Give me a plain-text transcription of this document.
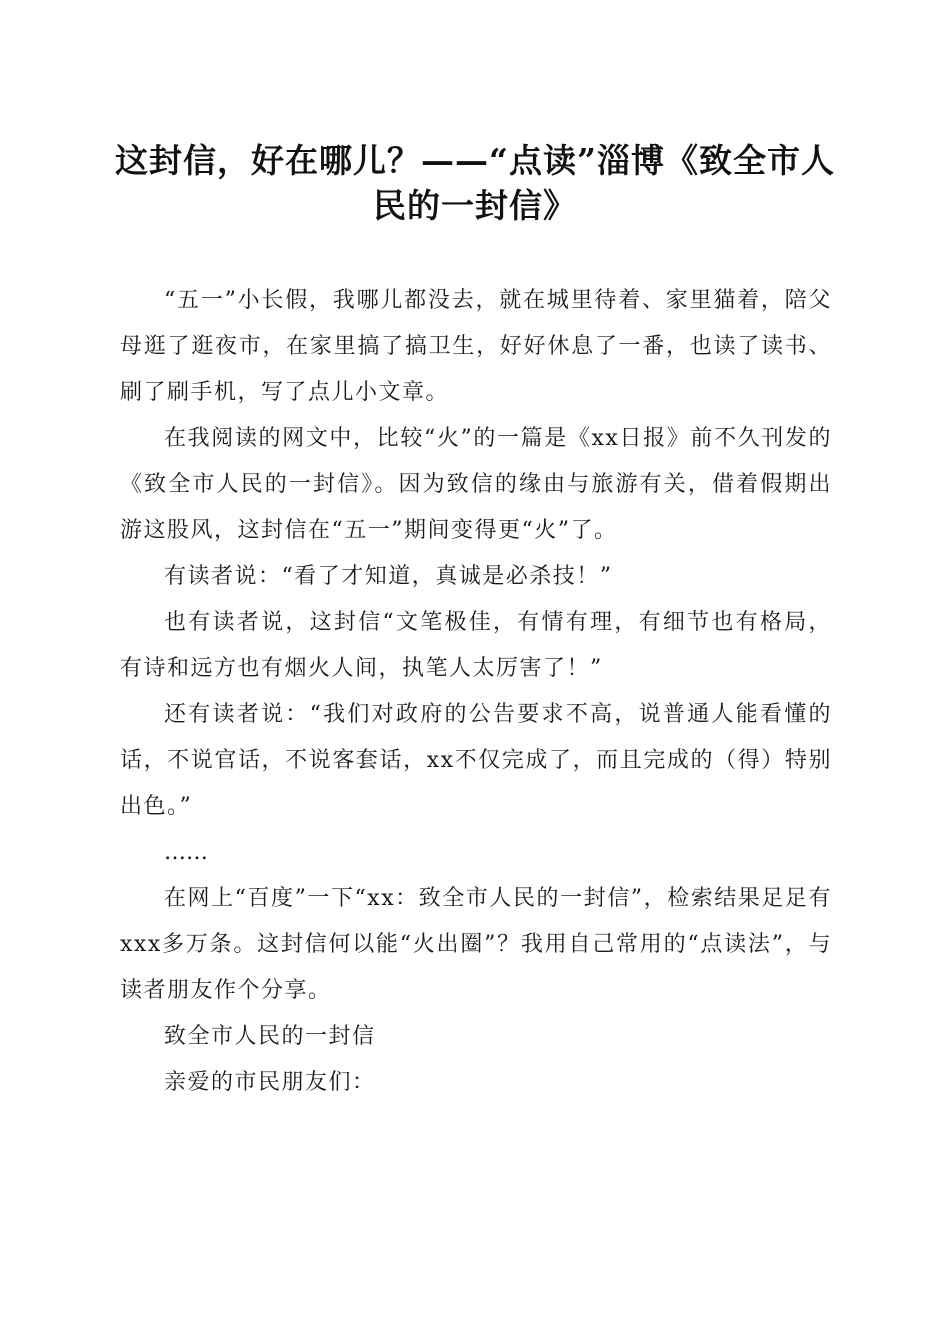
这封信，好在哪儿？——“点读”淄博《致全市人民的一封信》

“五一”小长假，我哪儿都没去，就在城里待着、家里猫着，陪父母逛了逛夜市，在家里搞了搞卫生，好好休息了一番，也读了读书、刷了刷手机，写了点儿小文章。

在我阅读的网文中，比较“火”的一篇是《xx日报》前不久刊发的《致全市人民的一封信》。因为致信的缘由与旅游有关，借着假期出游这股风，这封信在“五一”期间变得更“火”了。

有读者说：“看了才知道，真诚是必杀技！”

也有读者说，这封信“文笔极佳，有情有理，有细节也有格局，有诗和远方也有烟火人间，执笔人太厉害了！”

还有读者说：“我们对政府的公告要求不高，说普通人能看懂的话，不说官话，不说客套话，xx不仅完成了，而且完成的（得）特别出色。”

……

在网上“百度”一下“xx：致全市人民的一封信”，检索结果足足有xxx多万条。这封信何以能“火出圈”？我用自己常用的“点读法”，与读者朋友作个分享。

致全市人民的一封信

亲爱的市民朋友们：
